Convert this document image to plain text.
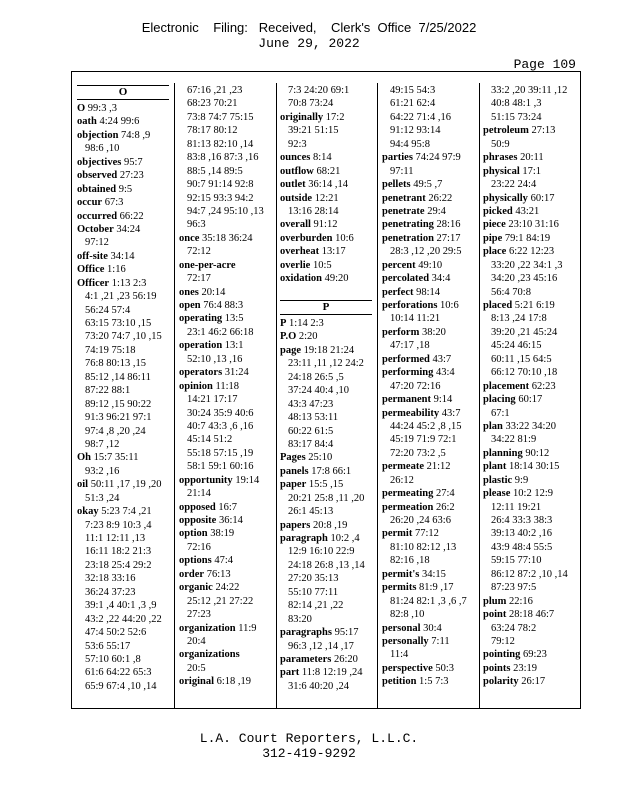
Electronic    Filing:   Received,    Clerk's  Office  7/25/2022
June 29, 2022
Page 109
O
O 99:3 ,3
oath 4:24 99:6
objection 74:8 ,9
98:6 ,10
objectives 95:7
observed 27:23
obtained 9:5
occur 67:3
occurred 66:22
October 34:24
97:12
off-site 34:14
Office 1:16
Officer 1:13 2:3
4:1 ,21 ,23 56:19
56:24 57:4
63:15 73:10 ,15
73:20 74:7 ,10 ,15
74:19 75:18
76:8 80:13 ,15
85:12 ,14 86:11
87:22 88:1
89:12 ,15 90:22
91:3 96:21 97:1
97:4 ,8 ,20 ,24
98:7 ,12
Oh 15:7 35:11
93:2 ,16
oil 50:11 ,17 ,19 ,20
51:3 ,24
okay 5:23 7:4 ,21
7:23 8:9 10:3 ,4
11:1 12:11 ,13
16:11 18:2 21:3
23:18 25:4 29:2
32:18 33:16
36:24 37:23
39:1 ,4 40:1 ,3 ,9
43:2 ,22 44:20 ,22
47:4 50:2 52:6
53:6 55:17
57:10 60:1 ,8
61:6 64:22 65:3
65:9 67:4 ,10 ,14
67:16 ,21 ,23
68:23 70:21
73:8 74:7 75:15
78:17 80:12
81:13 82:10 ,14
83:8 ,16 87:3 ,16
88:5 ,14 89:5
90:7 91:14 92:8
92:15 93:3 94:2
94:7 ,24 95:10 ,13
96:3
once 35:18 36:24
72:12
one-per-acre
72:17
ones 20:14
open 76:4 88:3
operating 13:5
23:1 46:2 66:18
operation 13:1
52:10 ,13 ,16
operators 31:24
opinion 11:18
14:21 17:17
30:24 35:9 40:6
40:7 43:3 ,6 ,16
45:14 51:2
55:18 57:15 ,19
58:1 59:1 60:16
opportunity 19:14
21:14
opposed 16:7
opposite 36:14
option 38:19
72:16
options 47:4
order 76:13
organic 24:22
25:12 ,21 27:22
27:23
organization 11:9
20:4
organizations
20:5
original 6:18 ,19
7:3 24:20 69:1
70:8 73:24
originally 17:2
39:21 51:15
92:3
ounces 8:14
outflow 68:21
outlet 36:14 ,14
outside 12:21
13:16 28:14
overall 91:12
overburden 10:6
overheat 13:17
overlie 10:5
oxidation 49:20
P
P 1:14 2:3
P.O 2:20
page 19:18 21:24
23:11 ,11 ,12 24:2
24:18 26:5 ,5
37:24 40:4 ,10
43:3 47:23
48:13 53:11
60:22 61:5
83:17 84:4
Pages 25:10
panels 17:8 66:1
paper 15:5 ,15
20:21 25:8 ,11 ,20
26:1 45:13
papers 20:8 ,19
paragraph 10:2 ,4
12:9 16:10 22:9
24:18 26:8 ,13 ,14
27:20 35:13
55:10 77:11
82:14 ,21 ,22
83:20
paragraphs 95:17
96:3 ,12 ,14 ,17
parameters 26:20
part 11:8 12:19 ,24
31:6 40:20 ,24
49:15 54:3
61:21 62:4
64:22 71:4 ,16
91:12 93:14
94:4 95:8
parties 74:24 97:9
97:11
pellets 49:5 ,7
penetrant 26:22
penetrate 29:4
penetrating 28:16
penetration 27:17
28:3 ,12 ,20 29:5
percent 49:10
percolated 34:4
perfect 98:14
perforations 10:6
10:14 11:21
perform 38:20
47:17 ,18
performed 43:7
performing 43:4
47:20 72:16
permanent 9:14
permeability 43:7
44:24 45:2 ,8 ,15
45:19 71:9 72:1
72:20 73:2 ,5
permeate 21:12
26:12
permeating 27:4
permeation 26:2
26:20 ,24 63:6
permit 77:12
81:10 82:12 ,13
82:16 ,18
permit's 34:15
permits 81:9 ,17
81:24 82:1 ,3 ,6 ,7
82:8 ,10
personal 30:4
personally 7:11
11:4
perspective 50:3
petition 1:5 7:3
33:2 ,20 39:11 ,12
40:8 48:1 ,3
51:15 73:24
petroleum 27:13
50:9
phrases 20:11
physical 17:1
23:22 24:4
physically 60:17
picked 43:21
piece 23:10 31:16
pipe 79:1 84:19
place 6:22 12:23
33:20 ,22 34:1 ,3
34:20 ,23 45:16
56:4 70:8
placed 5:21 6:19
8:13 ,24 17:8
39:20 ,21 45:24
45:24 46:15
60:11 ,15 64:5
66:12 70:10 ,18
placement 62:23
placing 60:17
67:1
plan 33:22 34:20
34:22 81:9
planning 90:12
plant 18:14 30:15
plastic 9:9
please 10:2 12:9
12:11 19:21
26:4 33:3 38:3
39:13 40:2 ,16
43:9 48:4 55:5
59:15 77:10
86:12 87:2 ,10 ,14
87:23 97:5
plum 22:16
point 28:18 46:7
63:24 78:2
79:12
pointing 69:23
points 23:19
polarity 26:17
L.A. Court Reporters, L.L.C.
312-419-9292
